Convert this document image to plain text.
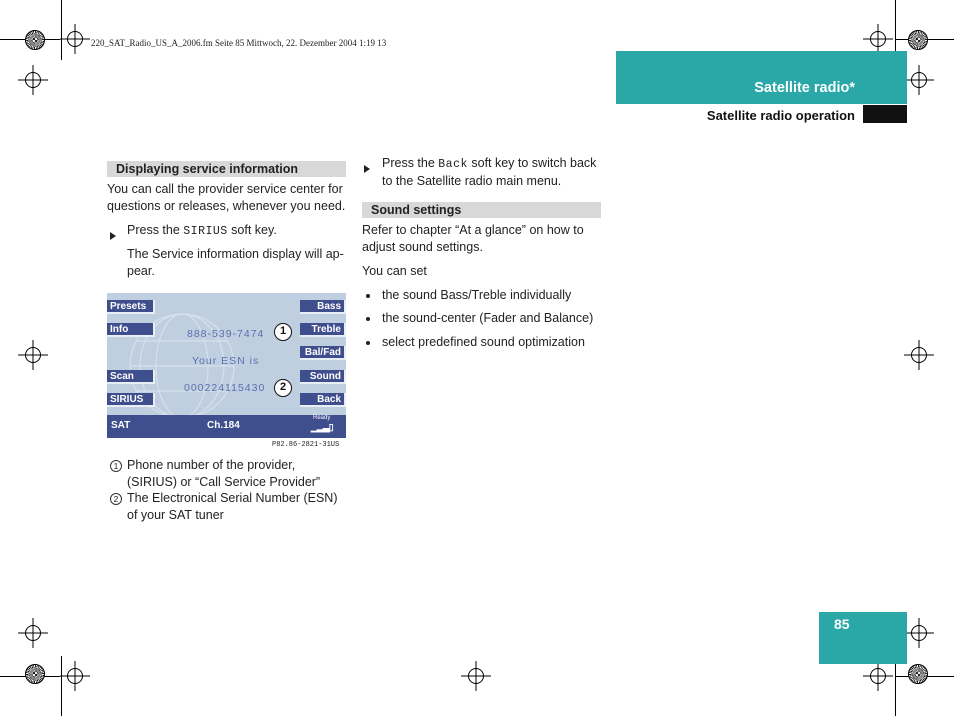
220_SAT_Radio_US_A_2006.fm Seite 85 Mittwoch, 22. Dezember 2004 1:19 13
Satellite radio*
Satellite radio operation
85
Displaying service information
You can call the provider service center for
questions or releases, whenever you need.
Press the SIRIUS soft key.
The Service information display will ap-
pear.
Presets
Info
Scan
SIRIUS
Bass
Treble
Bal/Fad
Sound
Back
888-539-7474	1
Your ESN is
000224115430	2
SAT	Ch.184
Ready
▁▂▃▯
P82.86-2821-31US
1 Phone number of the provider,
(SIRIUS) or “Call Service Provider”
2 The Electronical Serial Number (ESN)
of your SAT tuner
Press the Back soft key to switch back
to the Satellite radio main menu.
Sound settings
Refer to chapter “At a glance” on how to
adjust sound settings.
You can set
the sound Bass/Treble individually
the sound-center (Fader and Balance)
select predefined sound optimization
